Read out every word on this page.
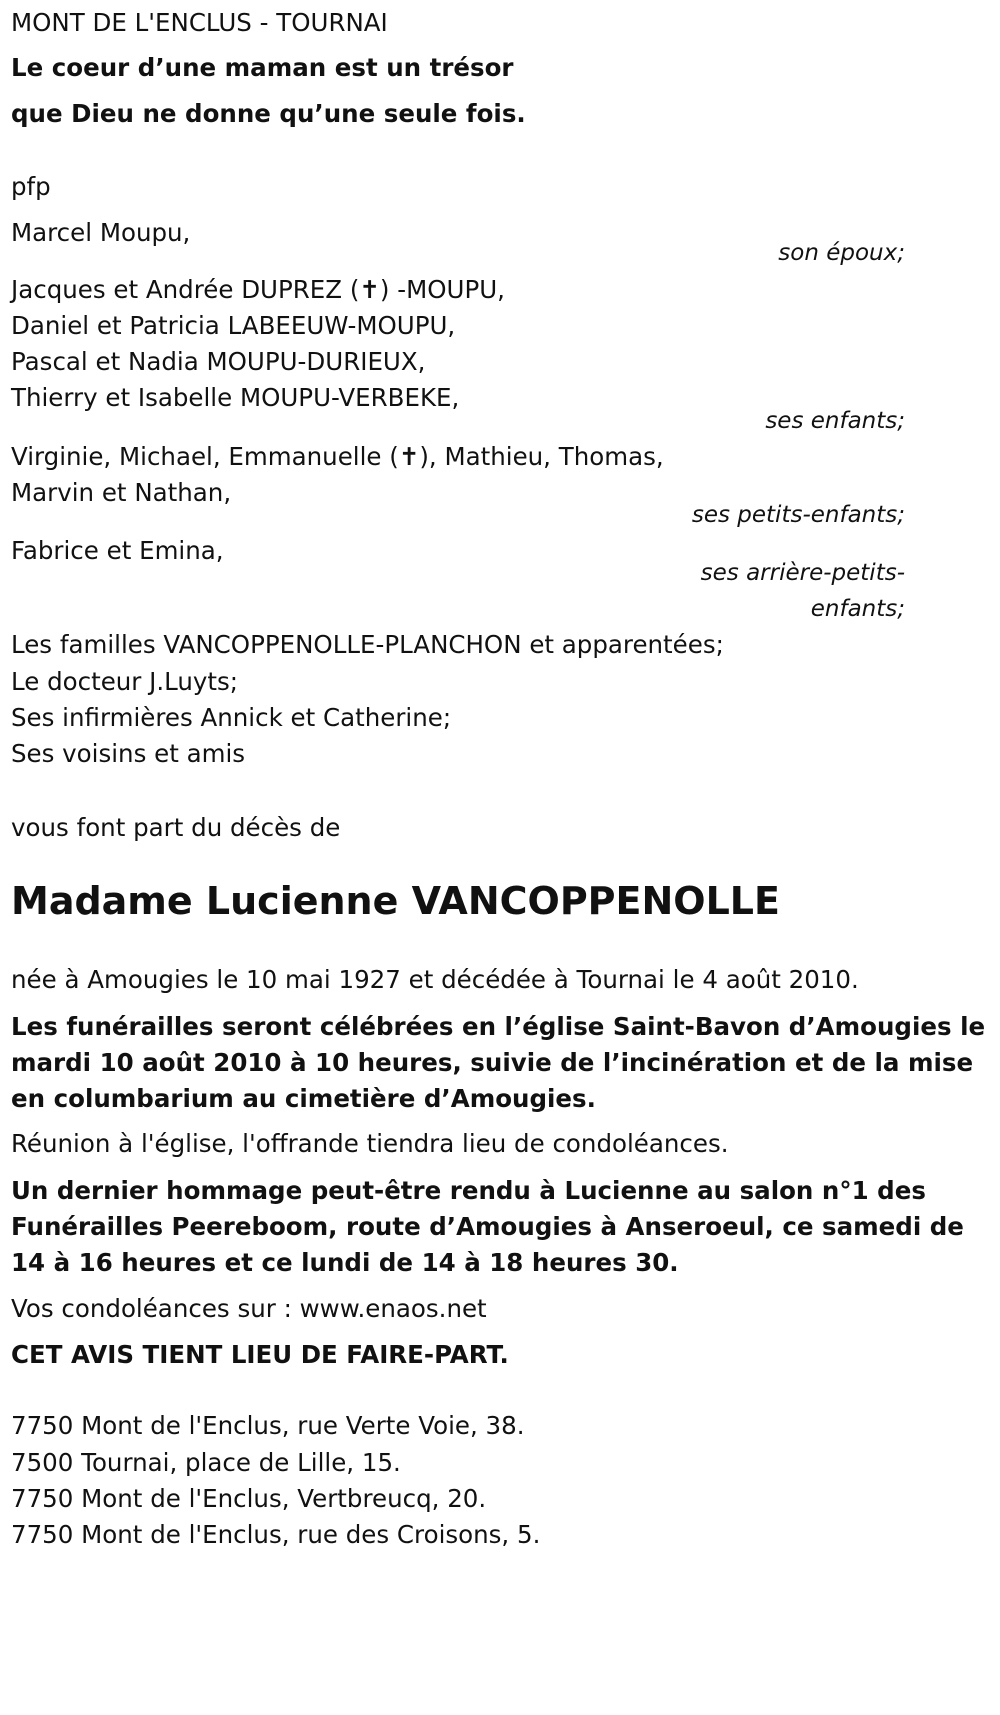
MONT DE L'ENCLUS - TOURNAI
Le coeur d’une maman est un trésor
que Dieu ne donne qu’une seule fois.
pfp
Marcel Moupu,
son époux;
Jacques et Andrée DUPREZ (✝) -MOUPU,
Daniel et Patricia LABEEUW-MOUPU,
Pascal et Nadia MOUPU-DURIEUX,
Thierry et Isabelle MOUPU-VERBEKE,
ses enfants;
Virginie, Michael, Emmanuelle (✝), Mathieu, Thomas,
Marvin et Nathan,
ses petits-enfants;
Fabrice et Emina,
ses arrière-petits-
enfants;
Les familles VANCOPPENOLLE-PLANCHON et apparentées;
Le docteur J.Luyts;
Ses infirmières Annick et Catherine;
Ses voisins et amis
vous font part du décès de
Madame Lucienne VANCOPPENOLLE
née à Amougies le 10 mai 1927 et décédée à Tournai le 4 août 2010.
Les funérailles seront célébrées en l’église Saint-Bavon d’Amougies le
mardi 10 août 2010 à 10 heures, suivie de l’incinération et de la mise
en columbarium au cimetière d’Amougies.
Réunion à l'église, l'offrande tiendra lieu de condoléances.
Un dernier hommage peut-être rendu à Lucienne au salon n°1 des
Funérailles Peereboom, route d’Amougies à Anseroeul, ce samedi de
14 à 16 heures et ce lundi de 14 à 18 heures 30.
Vos condoléances sur : www.enaos.net
CET AVIS TIENT LIEU DE FAIRE-PART.
7750 Mont de l'Enclus, rue Verte Voie, 38.
7500 Tournai, place de Lille, 15.
7750 Mont de l'Enclus, Vertbreucq, 20.
7750 Mont de l'Enclus, rue des Croisons, 5.
